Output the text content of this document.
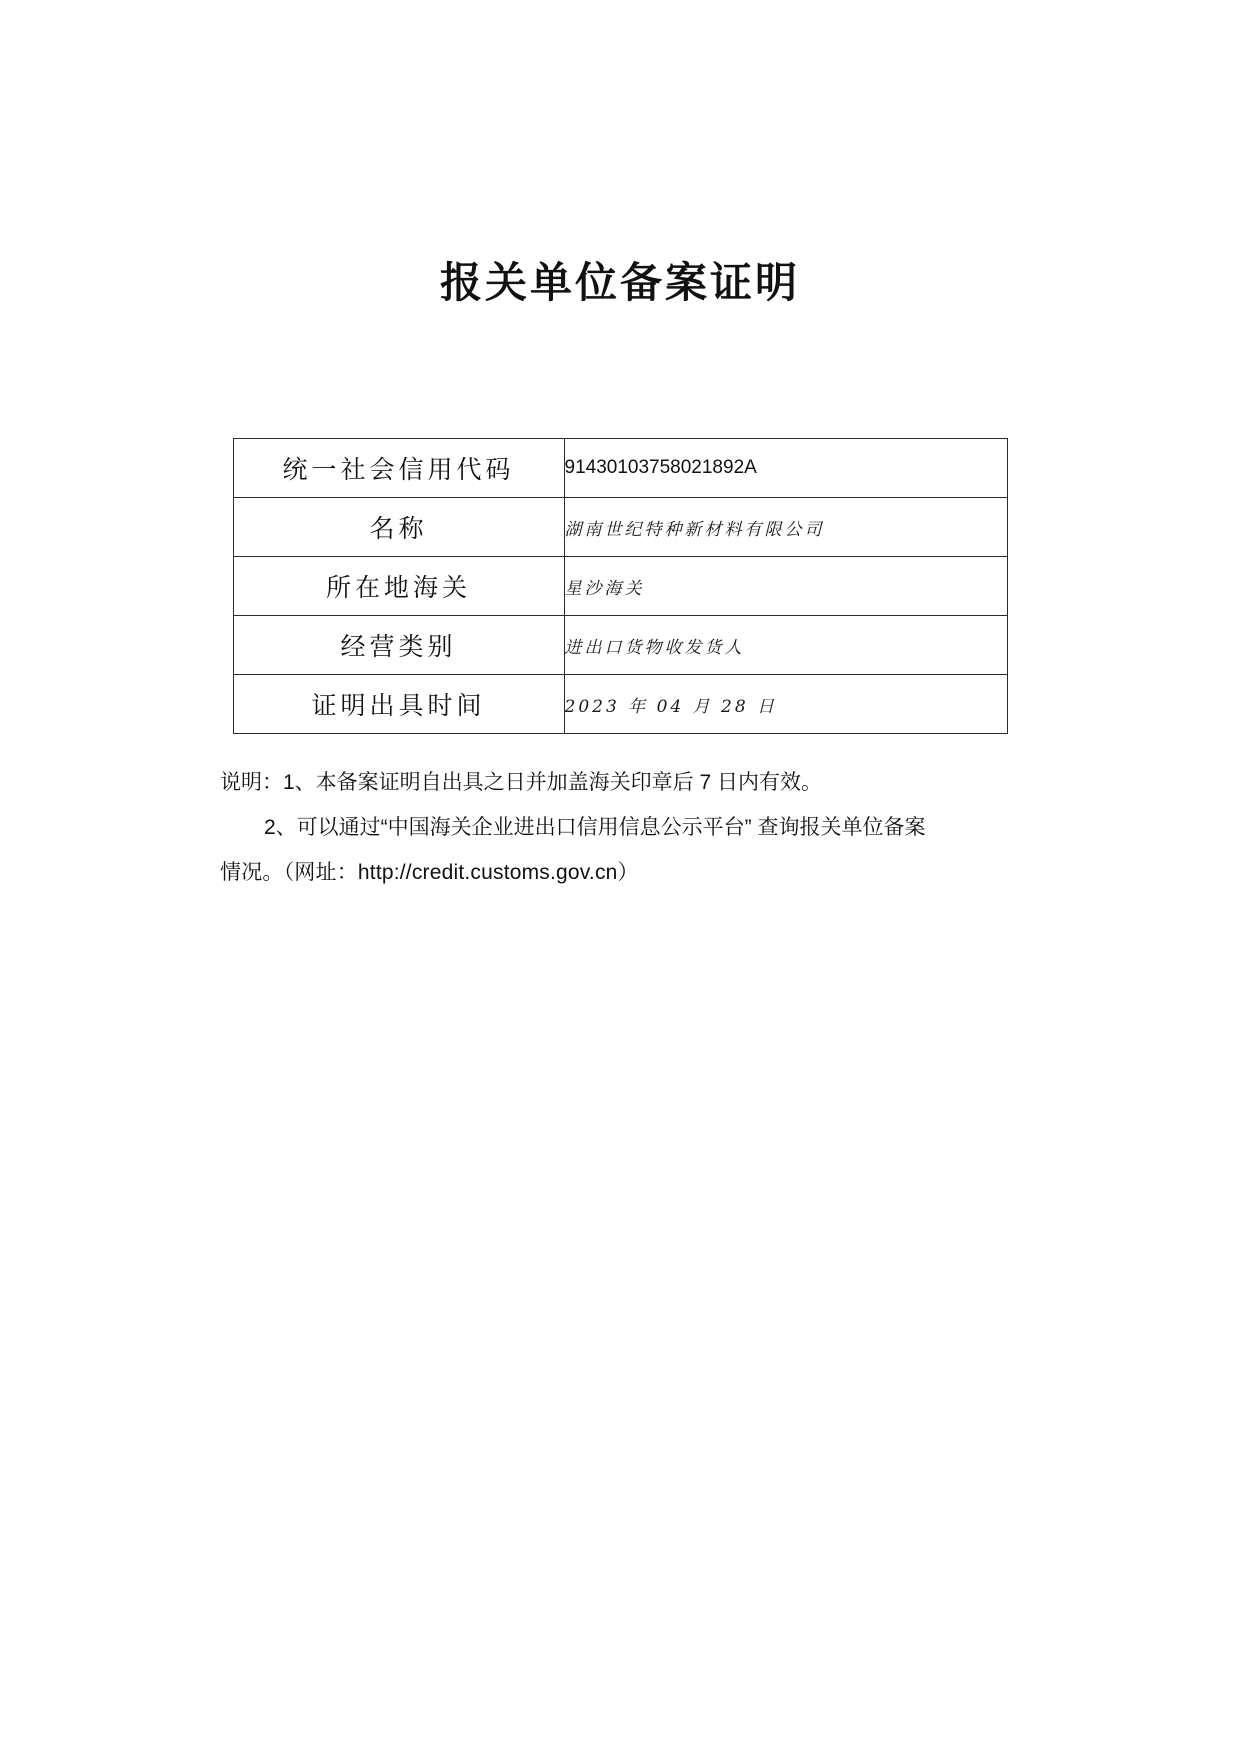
报关单位备案证明
统一社会信用代码	91430103758021892A
名称	湖南世纪特种新材料有限公司
所在地海关	星沙海关
经营类别	进出口货物收发货人
证明出具时间	2023 年 04 月 28 日
说明：1、本备案证明自出具之日并加盖海关印章后 7 日内有效。
2、可以通过“中国海关企业进出口信用信息公示平台” 查询报关单位备案
情况。（网址：http://credit.customs.gov.cn）
